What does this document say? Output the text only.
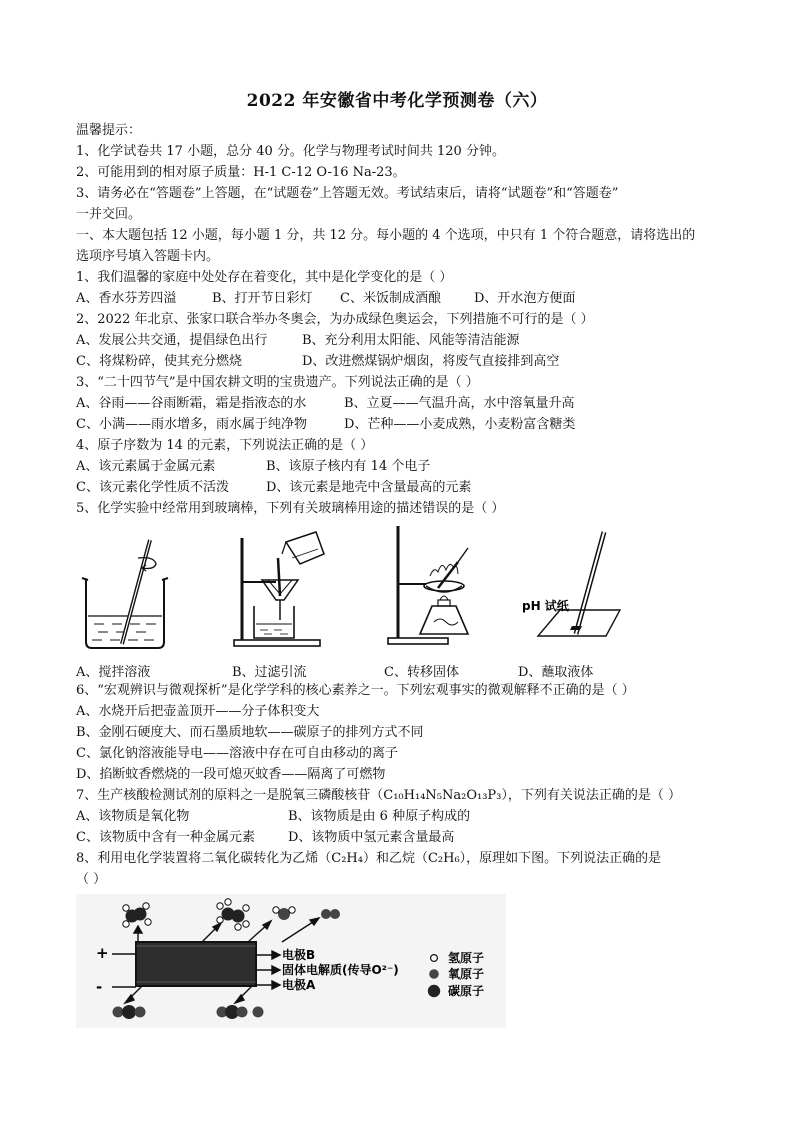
2022 年安徽省中考化学预测卷（六）
温馨提示：
1、化学试卷共 17 小题，总分 40 分。化学与物理考试时间共 120 分钟。
2、可能用到的相对原子质量：H-1 C-12 O-16 Na-23。
3、请务必在“答题卷”上答题，在“试题卷”上答题无效。考试结束后，请将“试题卷”和“答题卷”
一并交回。
一、本大题包括 12 小题，每小题 1 分，共 12 分。每小题的 4 个选项，中只有 1 个符合题意，请将选出的
选项序号填入答题卡内。
1、我们温馨的家庭中处处存在着变化，其中是化学变化的是（ ）
A、香水芬芳四溢	B、打开节日彩灯 C、米饭制成酒酿	D、开水泡方便面
2、2022 年北京、张家口联合举办冬奥会，为办成绿色奥运会，下列措施不可行的是（ ）
A、发展公共交通，提倡绿色出行	B、充分利用太阳能、风能等清洁能源
C、将煤粉碎，使其充分燃烧	D、改进燃煤锅炉烟囱，将废气直接排到高空
3、“二十四节气”是中国农耕文明的宝贵遗产。下列说法正确的是（ ）
A、谷雨——谷雨断霜，霜是指液态的水	B、立夏——气温升高，水中溶氧量升高
C、小满——雨水增多，雨水属于纯净物	D、芒种——小麦成熟，小麦粉富含糖类
4、原子序数为 14 的元素，下列说法正确的是（ ）
A、该元素属于金属元素	B、该原子核内有 14 个电子
C、该元素化学性质不活泼	D、该元素是地壳中含量最高的元素
5、化学实验中经常用到玻璃棒，下列有关玻璃棒用途的描述错误的是（ ）
pH 试纸
A、搅拌溶液	B、过滤引流	C、转移固体	D、蘸取液体
6、“宏观辨识与微观探析”是化学学科的核心素养之一。下列宏观事实的微观解释不正确的是（ ）
A、水烧开后把壶盖顶开——分子体积变大
B、金刚石硬度大、而石墨质地软——碳原子的排列方式不同
C、氯化钠溶液能导电——溶液中存在可自由移动的离子
D、掐断蚊香燃烧的一段可熄灭蚊香——隔离了可燃物
7、生产核酸检测试剂的原料之一是脱氧三磷酸核苷（C₁₀H₁₄N₅Na₂O₁₃P₃），下列有关说法正确的是（ ）
A、该物质是氧化物	B、该物质是由 6 种原子构成的
C、该物质中含有一种金属元素	D、该物质中氢元素含量最高
8、利用电化学装置将二氧化碳转化为乙烯（C₂H₄）和乙烷（C₂H₆），原理如下图。下列说法正确的是
（ ）
+
-
电极B
固体电解质(传导O²⁻)
电极A
氢原子
氧原子
碳原子
